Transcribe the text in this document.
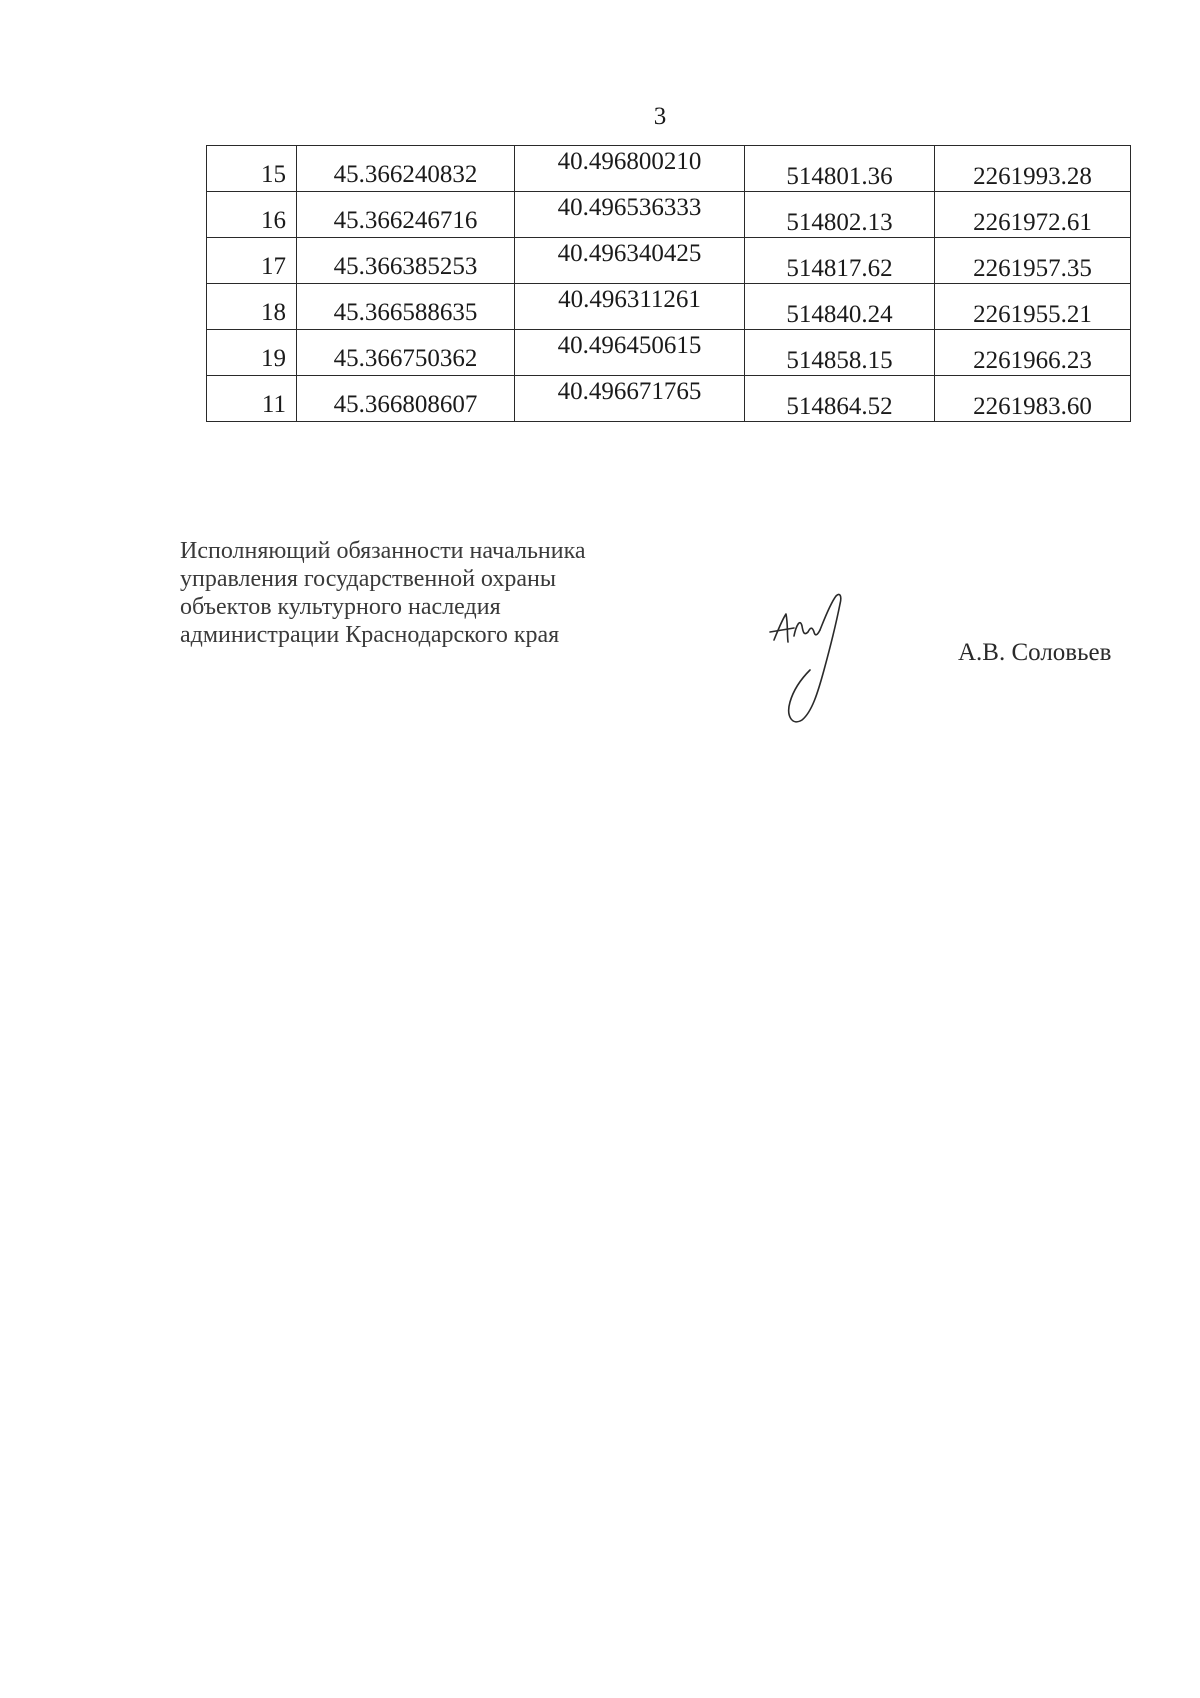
3
15	45.366240832	40.496800210	514801.36	2261993.28
16	45.366246716	40.496536333	514802.13	2261972.61
17	45.366385253	40.496340425	514817.62	2261957.35
18	45.366588635	40.496311261	514840.24	2261955.21
19	45.366750362	40.496450615	514858.15	2261966.23
11	45.366808607	40.496671765	514864.52	2261983.60
Исполняющий обязанности начальника
управления государственной охраны
объектов культурного наследия
администрации Краснодарского края
А.В. Соловьев
